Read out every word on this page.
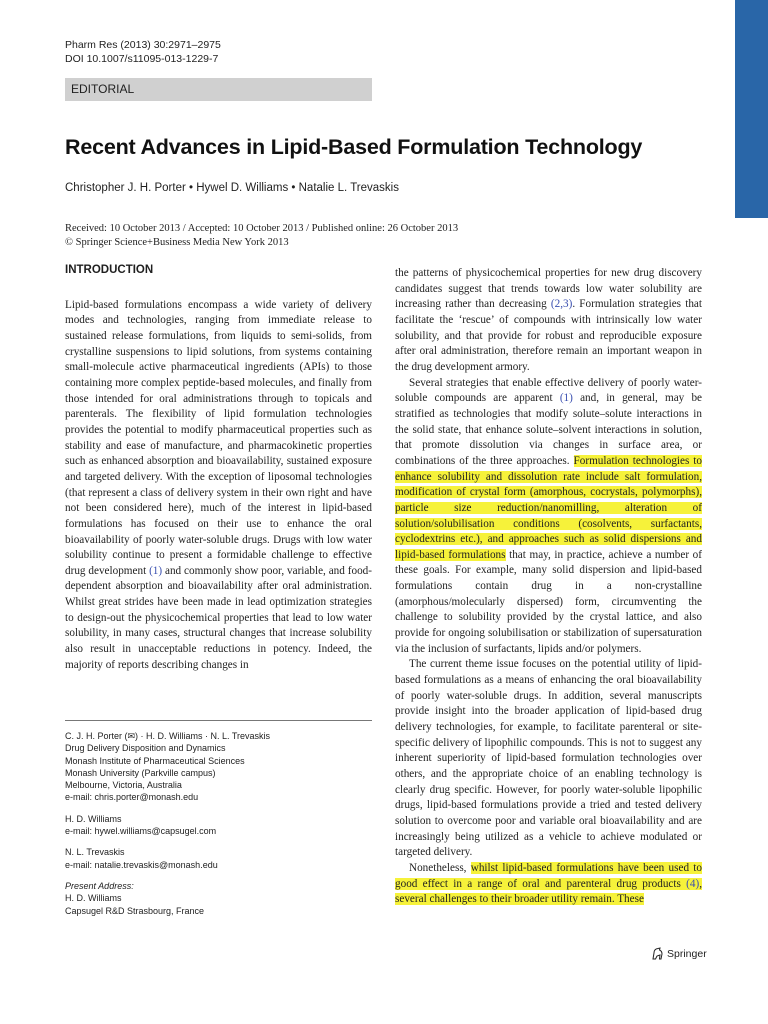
Pharm Res (2013) 30:2971–2975
DOI 10.1007/s11095-013-1229-7
EDITORIAL
Recent Advances in Lipid-Based Formulation Technology
Christopher J. H. Porter • Hywel D. Williams • Natalie L. Trevaskis
Received: 10 October 2013 / Accepted: 10 October 2013 / Published online: 26 October 2013
© Springer Science+Business Media New York 2013
INTRODUCTION

Lipid-based formulations encompass a wide variety of delivery modes and technologies, ranging from immediate release to sustained release formulations, from liquids to semi-solids, from crystalline suspensions to lipid solutions, from systems containing small-molecule active pharmaceutical ingredients (APIs) to those containing more complex peptide-based molecules, and finally from those intended for oral administrations through to topicals and parenterals. The flexibility of lipid formulation technologies provides the potential to modify pharmaceutical properties such as stability and ease of manufacture, and pharmacokinetic properties such as enhanced absorption and bioavailability, sustained exposure and targeted delivery. With the exception of liposomal technologies (that represent a class of delivery system in their own right and have not been considered here), much of the interest in lipid-based formulations has focused on their use to enhance the oral bioavailability of poorly water-soluble drugs. Drugs with low water solubility continue to present a formidable challenge to effective drug development (1) and commonly show poor, variable, and food-dependent absorption and bioavailability after oral administration. Whilst great strides have been made in lead optimization strategies to design-out the physicochemical properties that lead to low water solubility, in many cases, structural changes that increase solubility also result in unacceptable reductions in potency. Indeed, the majority of reports describing changes in

the patterns of physicochemical properties for new drug discovery candidates suggest that trends towards low water solubility are increasing rather than decreasing (2,3). Formulation strategies that facilitate the ‘rescue’ of compounds with intrinsically low water solubility, and that provide for robust and reproducible exposure after oral administration, therefore remain an important weapon in the drug development armory.

Several strategies that enable effective delivery of poorly water-soluble compounds are apparent (1) and, in general, may be stratified as technologies that modify solute–solute interactions in the solid state, that enhance solute–solvent interactions in solution, that promote dissolution via changes in surface area, or combinations of the three approaches. Formulation technologies to enhance solubility and dissolution rate include salt formulation, modification of crystal form (amorphous, cocrystals, polymorphs), particle size reduction/nanomilling, alteration of solution/solubilisation conditions (cosolvents, surfactants, cyclodextrins etc.), and approaches such as solid dispersions and lipid-based formulations that may, in practice, achieve a number of these goals. For example, many solid dispersion and lipid-based formulations contain drug in a non-crystalline (amorphous/molecularly dispersed) form, circumventing the challenge to solubility provided by the crystal lattice, and also provide for ongoing solubilisation or stabilization of supersaturation via the inclusion of surfactants, lipids and/or polymers.

The current theme issue focuses on the potential utility of lipid-based formulations as a means of enhancing the oral bioavailability of poorly water-soluble drugs. In addition, several manuscripts provide insight into the broader application of lipid-based drug delivery technologies, for example, to facilitate parenteral or site-specific delivery of lipophilic compounds. This is not to suggest any inherent superiority of lipid-based formulation technologies over others, and the appropriate choice of an enabling technology is clearly drug specific. However, for poorly water-soluble lipophilic drugs, lipid-based formulations provide a tried and tested delivery solution to overcome poor and variable oral bioavailability and are increasingly being utilized as a vehicle to achieve modulated or targeted delivery.

Nonetheless, whilst lipid-based formulations have been used to good effect in a range of oral and parenteral drug products (4), several challenges to their broader utility remain. These

C. J. H. Porter (✉) · H. D. Williams · N. L. Trevaskis
Drug Delivery Disposition and Dynamics
Monash Institute of Pharmaceutical Sciences
Monash University (Parkville campus)
Melbourne, Victoria, Australia
e-mail: chris.porter@monash.edu
H. D. Williams
e-mail: hywel.williams@capsugel.com
N. L. Trevaskis
e-mail: natalie.trevaskis@monash.edu
Present Address:
H. D. Williams
Capsugel R&D Strasbourg, France
Springer
